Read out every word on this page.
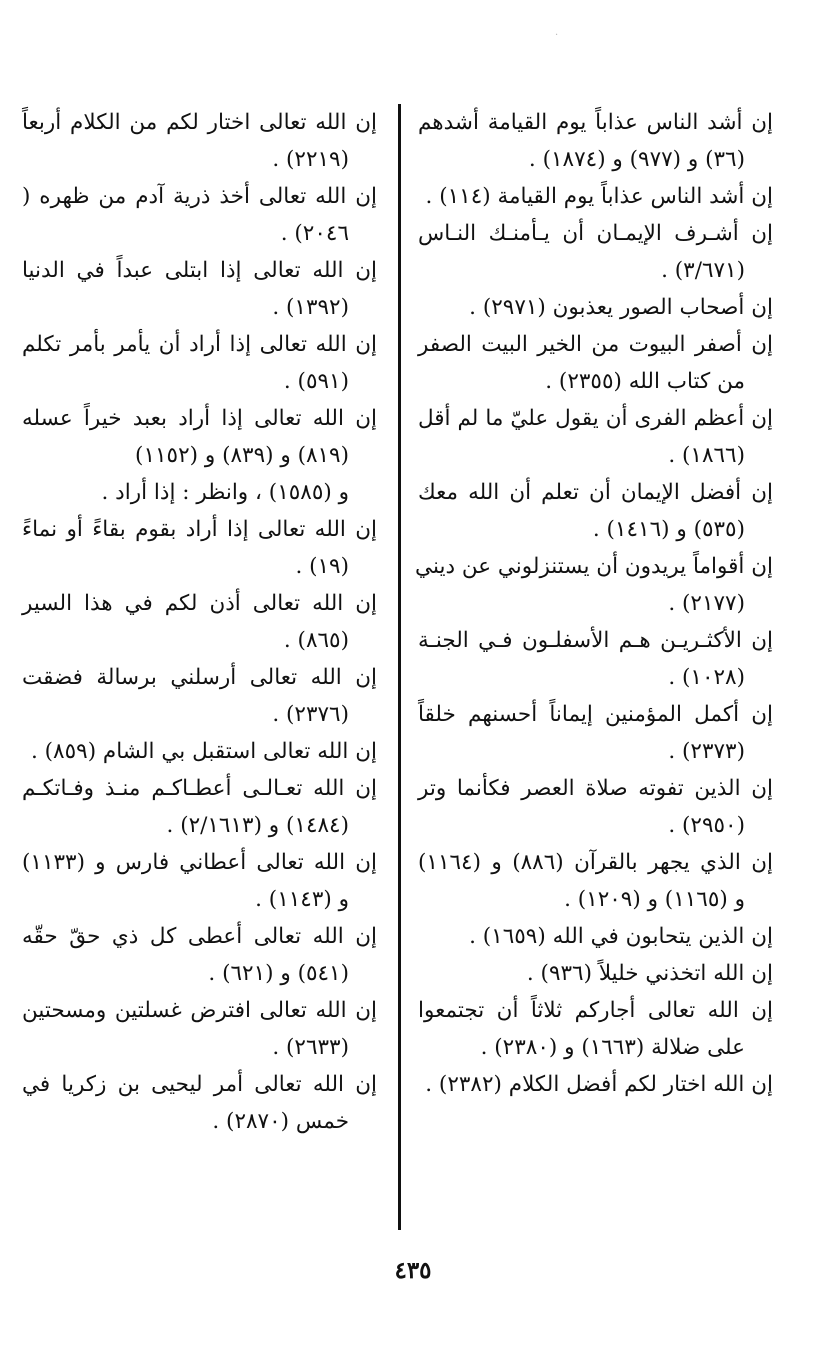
·

إن أشد الناس عذاباً يوم القيامة أشدهم
(٣٦) و (٩٧٧) و (١٨٧٤) .

إن أشد الناس عذاباً يوم القيامة (١١٤) .

إن أشـرف الإيمـان أن يـأمنـك النـاس
(٣/٦٧١) .

إن أصحاب الصور يعذبون (٢٩٧١) .

إن أصفر البيوت من الخير البيت الصفر
من كتاب الله (٢٣٥٥) .

إن أعظم الفرى أن يقول عليّ ما لم أقل
(١٨٦٦) .

إن أفضل الإيمان أن تعلم أن الله معك
(٥٣٥) و (١٤١٦) .

إن أقواماً يريدون أن يستنزلوني عن ديني
(٢١٧٧) .

إن الأكثـريـن هـم الأسفلـون فـي الجنـة
(١٠٢٨) .

إن أكمل المؤمنين إيماناً أحسنهم خلقاً
(٢٣٧٣) .

إن الذين تفوته صلاة العصر فكأنما وتر
(٢٩٥٠) .

إن الذي يجهر بالقرآن (٨٨٦) و (١١٦٤)
و (١١٦٥) و (١٢٠٩) .

إن الذين يتحابون في الله (١٦٥٩) .

إن الله اتخذني خليلاً (٩٣٦) .

إن الله تعالى أجاركم ثلاثاً أن تجتمعوا
على ضلالة (١٦٦٣) و (٢٣٨٠) .

إن الله اختار لكم أفضل الكلام (٢٣٨٢) .

إن الله تعالى اختار لكم من الكلام أربعاً
(٢٢١٩) .

إن الله تعالى أخذ ذرية آدم من ظهره (
٢٠٤٦) .

إن الله تعالى إذا ابتلى عبداً في الدنيا
(١٣٩٢) .

إن الله تعالى إذا أراد أن يأمر بأمر تكلم
(٥٩١) .

إن الله تعالى إذا أراد بعبد خيراً عسله
(٨١٩) و (٨٣٩) و (١١٥٢)
و (١٥٨٥) ، وانظر : إذا أراد .

إن الله تعالى إذا أراد بقوم بقاءً أو نماءً
(١٩) .

إن الله تعالى أذن لكم في هذا السير
(٨٦٥) .

إن الله تعالى أرسلني برسالة فضقت
(٢٣٧٦) .

إن الله تعالى استقبل بي الشام (٨٥٩) .

إن الله تعـالـى أعطـاكـم منـذ وفـاتكـم
(١٤٨٤) و (٢/١٦١٣) .

إن الله تعالى أعطاني فارس و (١١٣٣)
و (١١٤٣) .

إن الله تعالى أعطى كل ذي حقّ حقّه
(٥٤١) و (٦٢١) .

إن الله تعالى افترض غسلتين ومسحتين
(٢٦٣٣) .

إن الله تعالى أمر ليحيى بن زكريا في
خمس (٢٨٧٠) .

٤٣٥
